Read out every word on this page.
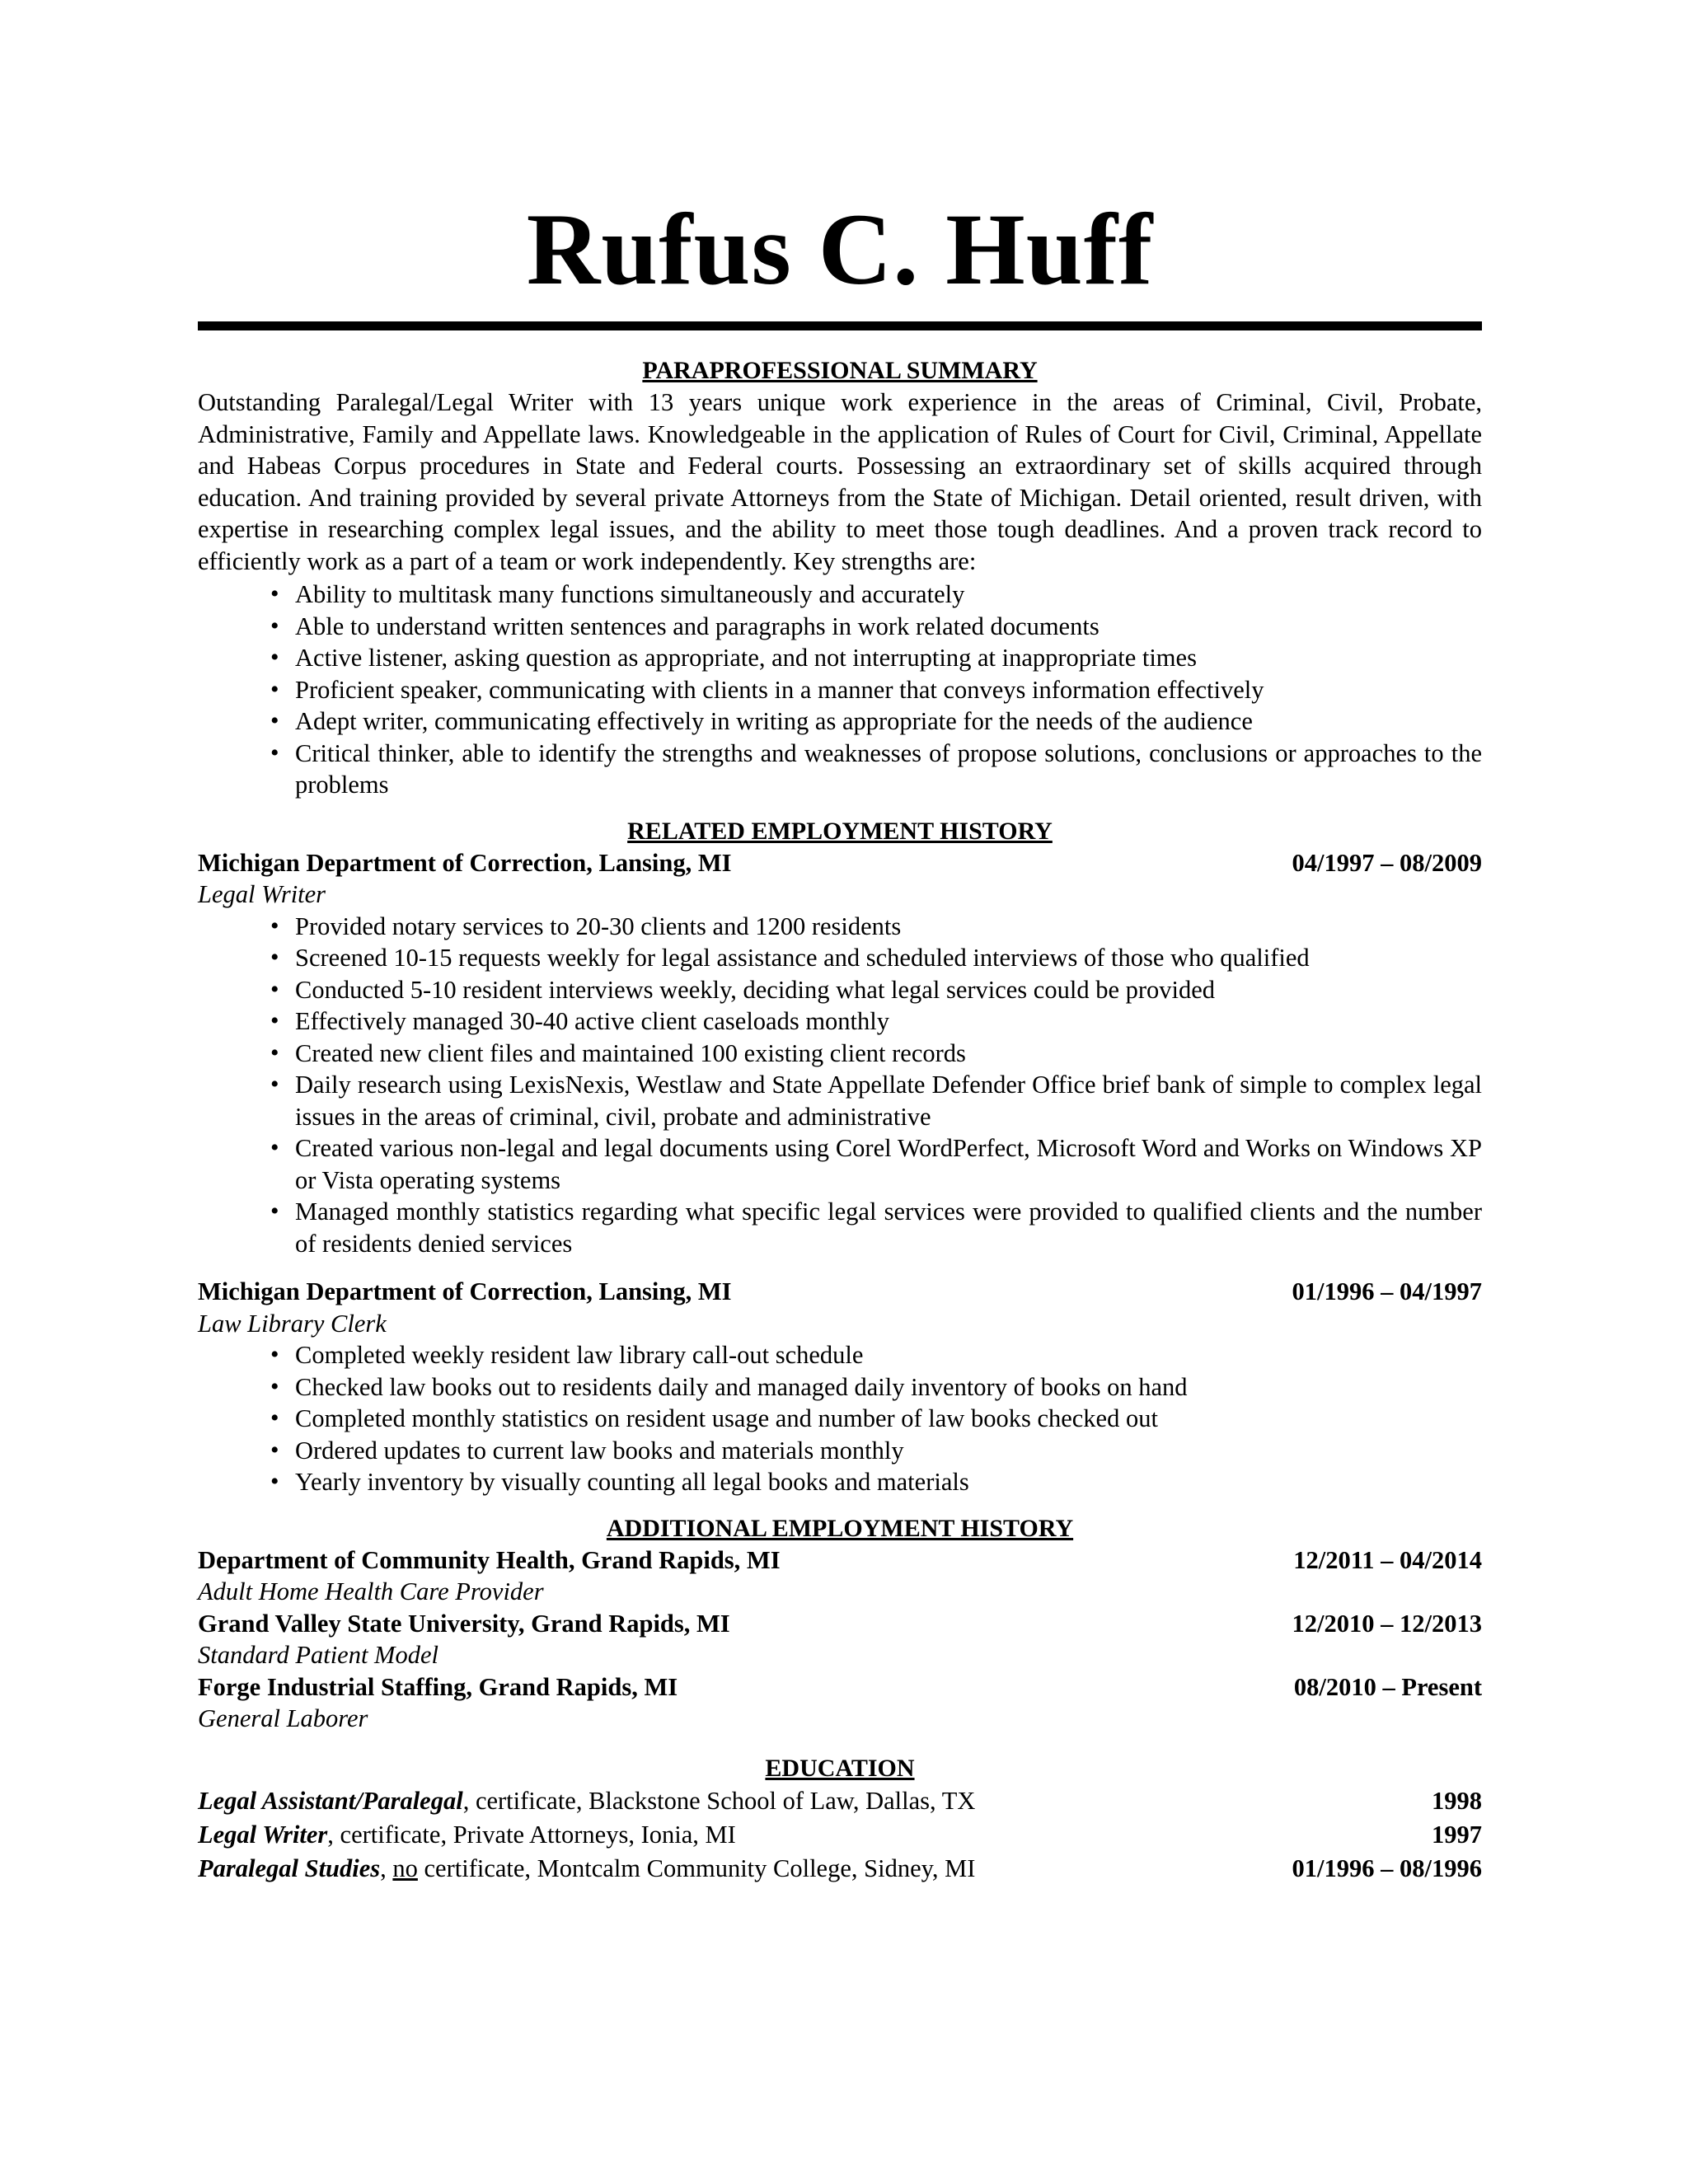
Rufus C. Huff
PARAPROFESSIONAL SUMMARY

Outstanding Paralegal/Legal Writer with 13 years unique work experience in the areas of Criminal, Civil, Probate, Administrative, Family and Appellate laws. Knowledgeable in the application of Rules of Court for Civil, Criminal, Appellate and Habeas Corpus procedures in State and Federal courts. Possessing an extraordinary set of skills acquired through education. And training provided by several private Attorneys from the State of Michigan. Detail oriented, result driven, with expertise in researching complex legal issues, and the ability to meet those tough deadlines. And a proven track record to efficiently work as a part of a team or work independently. Key strengths are:

• Ability to multitask many functions simultaneously and accurately
• Able to understand written sentences and paragraphs in work related documents
• Active listener, asking question as appropriate, and not interrupting at inappropriate times
• Proficient speaker, communicating with clients in a manner that conveys information effectively
• Adept writer, communicating effectively in writing as appropriate for the needs of the audience
• Critical thinker, able to identify the strengths and weaknesses of propose solutions, conclusions or approaches to the problems
RELATED EMPLOYMENT HISTORY
Michigan Department of Correction, Lansing, MI	04/1997 – 08/2009
Legal Writer
• Provided notary services to 20-30 clients and 1200 residents
• Screened 10-15 requests weekly for legal assistance and scheduled interviews of those who qualified
• Conducted 5-10 resident interviews weekly, deciding what legal services could be provided
• Effectively managed 30-40 active client caseloads monthly
• Created new client files and maintained 100 existing client records
• Daily research using LexisNexis, Westlaw and State Appellate Defender Office brief bank of simple to complex legal issues in the areas of criminal, civil, probate and administrative
• Created various non-legal and legal documents using Corel WordPerfect, Microsoft Word and Works on Windows XP or Vista operating systems
• Managed monthly statistics regarding what specific legal services were provided to qualified clients and the number of residents denied services
Michigan Department of Correction, Lansing, MI	01/1996 – 04/1997
Law Library Clerk
• Completed weekly resident law library call-out schedule
• Checked law books out to residents daily and managed daily inventory of books on hand
• Completed monthly statistics on resident usage and number of law books checked out
• Ordered updates to current law books and materials monthly
• Yearly inventory by visually counting all legal books and materials
ADDITIONAL EMPLOYMENT HISTORY
Department of Community Health, Grand Rapids, MI	12/2011 – 04/2014
Adult Home Health Care Provider
Grand Valley State University, Grand Rapids, MI	12/2010 – 12/2013
Standard Patient Model
Forge Industrial Staffing, Grand Rapids, MI	08/2010 – Present
General Laborer
EDUCATION
Legal Assistant/Paralegal, certificate, Blackstone School of Law, Dallas, TX	1998
Legal Writer, certificate, Private Attorneys, Ionia, MI	1997
Paralegal Studies, no certificate, Montcalm Community College, Sidney, MI	01/1996 – 08/1996
